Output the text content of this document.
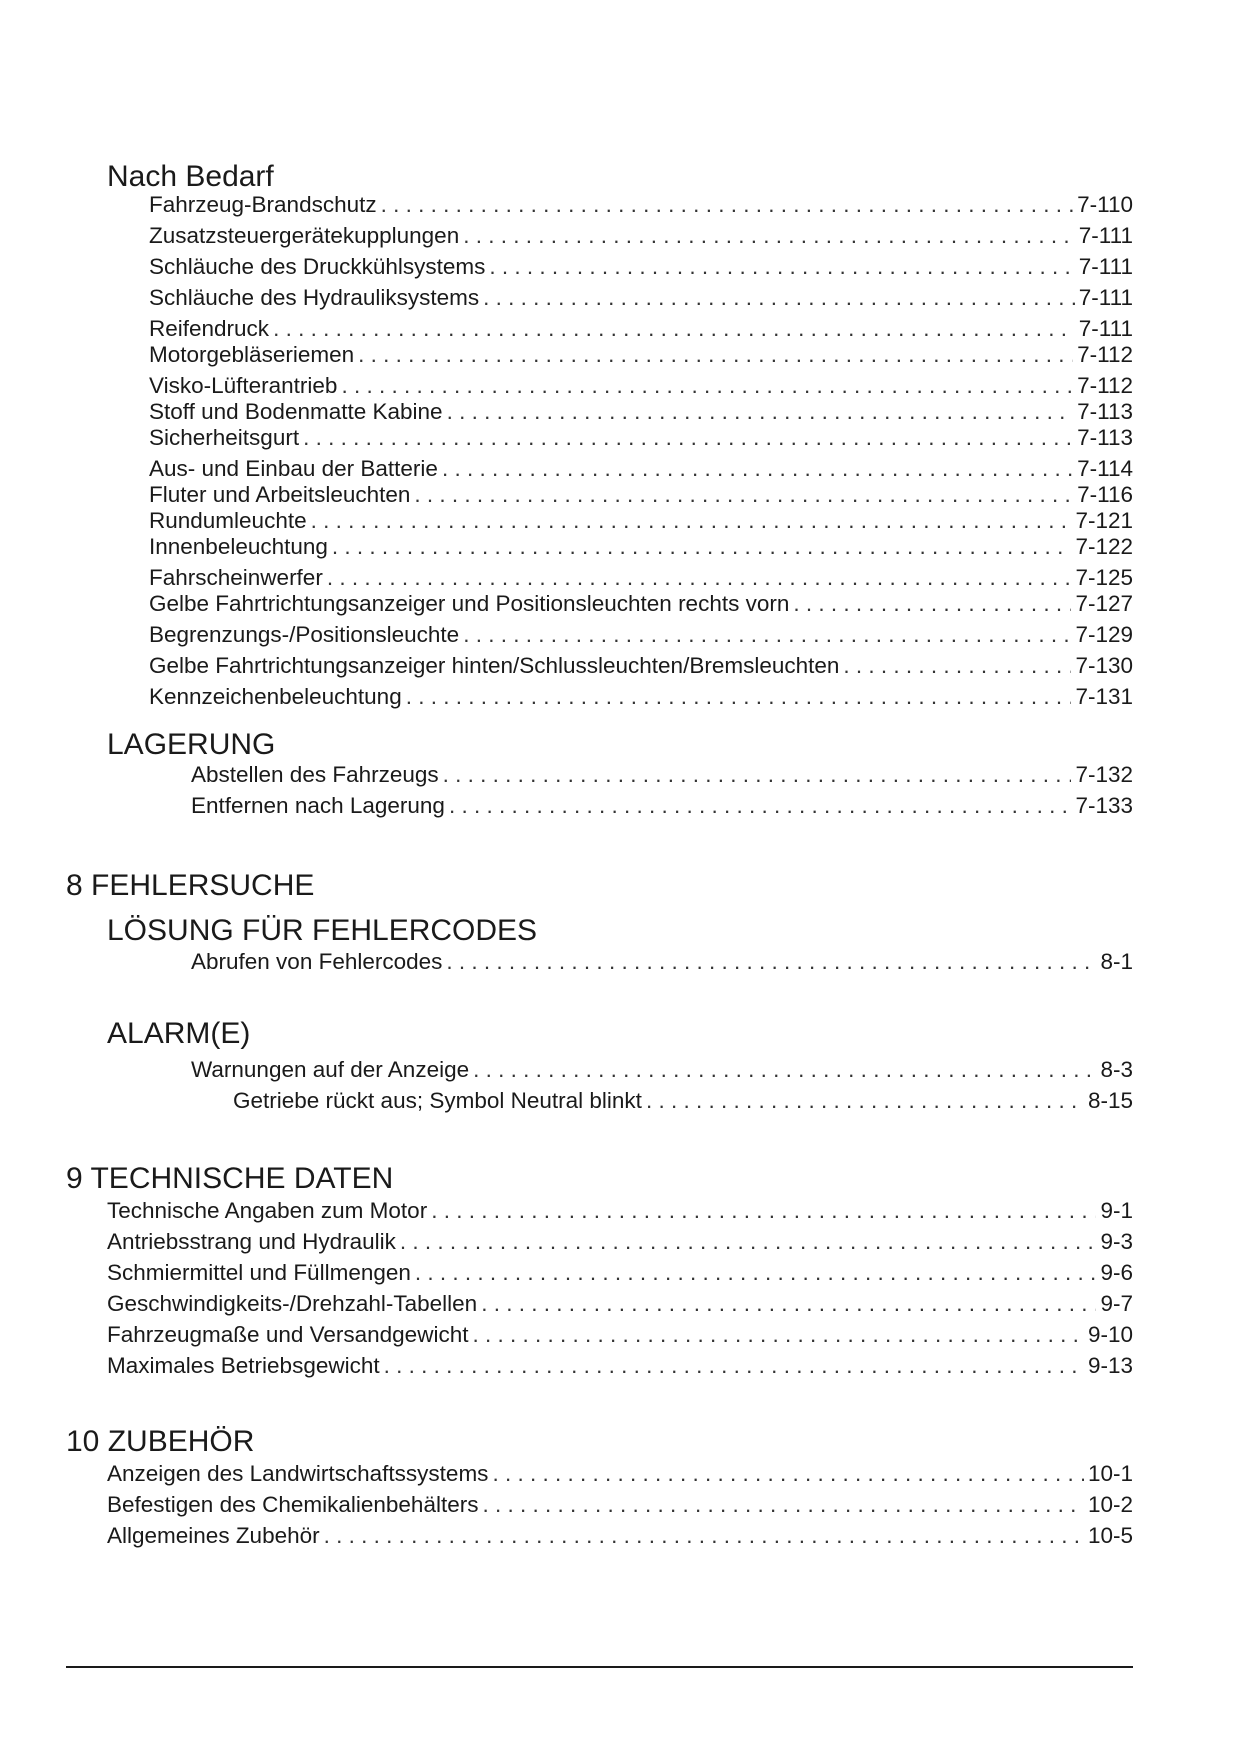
Nach Bedarf
Fahrzeug-Brandschutz . . .	7-110
Zusatzsteuergerätekupplungen . . .	7-111
Schläuche des Druckkühlsystems . . .	7-111
Schläuche des Hydrauliksystems . . .	7-111
Reifendruck . . .	7-111
Motorgebläseriemen . . .	7-112
Visko-Lüfterantrieb . . .	7-112
Stoff und Bodenmatte Kabine . . .	7-113
Sicherheitsgurt . . .	7-113
Aus- und Einbau der Batterie . . .	7-114
Fluter und Arbeitsleuchten . . .	7-116
Rundumleuchte . . .	7-121
Innenbeleuchtung . . .	7-122
Fahrscheinwerfer . . .	7-125
Gelbe Fahrtrichtungsanzeiger und Positionsleuchten rechts vorn . . .	7-127
Begrenzungs-/Positionsleuchte . . .	7-129
Gelbe Fahrtrichtungsanzeiger hinten/Schlussleuchten/Bremsleuchten . . .	7-130
Kennzeichenbeleuchtung . . .	7-131
LAGERUNG
Abstellen des Fahrzeugs . . .	7-132
Entfernen nach Lagerung . . .	7-133
8 FEHLERSUCHE
LÖSUNG FÜR FEHLERCODES
Abrufen von Fehlercodes . . .	8-1
ALARM(E)
Warnungen auf der Anzeige . . .	8-3
Getriebe rückt aus; Symbol Neutral blinkt . . .	8-15
9 TECHNISCHE DATEN
Technische Angaben zum Motor . . .	9-1
Antriebsstrang und Hydraulik . . .	9-3
Schmiermittel und Füllmengen . . .	9-6
Geschwindigkeits-/Drehzahl-Tabellen . . .	9-7
Fahrzeugmaße und Versandgewicht . . .	9-10
Maximales Betriebsgewicht . . .	9-13
10 ZUBEHÖR
Anzeigen des Landwirtschaftssystems . . .	10-1
Befestigen des Chemikalienbehälters . . .	10-2
Allgemeines Zubehör . . .	10-5
